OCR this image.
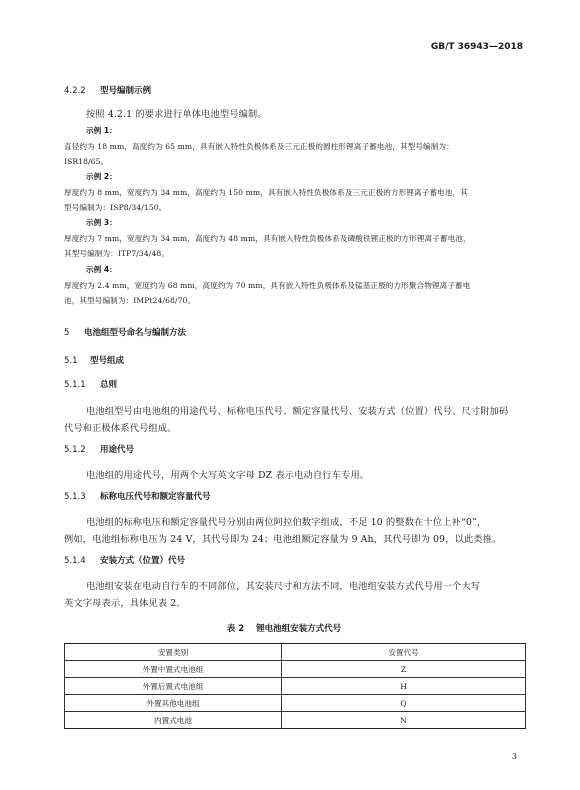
GB/T 36943—2018
4.2.2 型号编制示例
按照 4.2.1 的要求进行单体电池型号编制。
示例 1：
直径约为 18 mm，高度约为 65 mm，具有嵌入特性负极体系及三元正极的圆柱形锂离子蓄电池，其型号编制为：
ISR18/65。
示例 2：
厚度约为 8 mm，宽度约为 34 mm，高度约为 150 mm，具有嵌入特性负极体系及三元正极的方形锂离子蓄电池，其
型号编制为：ISP8/34/150。
示例 3：
厚度约为 7 mm，宽度约为 34 mm，高度约为 48 mm，具有嵌入特性负极体系及磷酸铁锂正极的方形锂离子蓄电池，
其型号编制为：ITP7/34/48。
示例 4：
厚度约为 2.4 mm，宽度约为 68 mm，高度约为 70 mm，具有嵌入特性负极体系及锰基正极的方形聚合物锂离子蓄电
池，其型号编制为：IMPt24/68/70。
5 电池组型号命名与编制方法
5.1 型号组成
5.1.1 总则
电池组型号由电池组的用途代号、标称电压代号、额定容量代号、安装方式（位置）代号、尺寸附加码
代号和正极体系代号组成。
5.1.2 用途代号
电池组的用途代号，用两个大写英文字母 DZ 表示电动自行车专用。
5.1.3 标称电压代号和额定容量代号
电池组的标称电压和额定容量代号分别由两位阿拉伯数字组成，不足 10 的整数在十位上补“0”，
例如，电池组标称电压为 24 V，其代号即为 24；电池组额定容量为 9 Ah，其代号即为 09，以此类推。
5.1.4 安装方式（位置）代号
电池组安装在电动自行车的不同部位，其安装尺寸和方法不同，电池组安装方式代号用一个大写
英文字母表示，具体见表 2。
表 2 锂电池组安装方式代号
安置类别	安置代号
外置中置式电池组	Z
外置后置式电池组	H
外置其他电池组	Q
内置式电池	N
3
